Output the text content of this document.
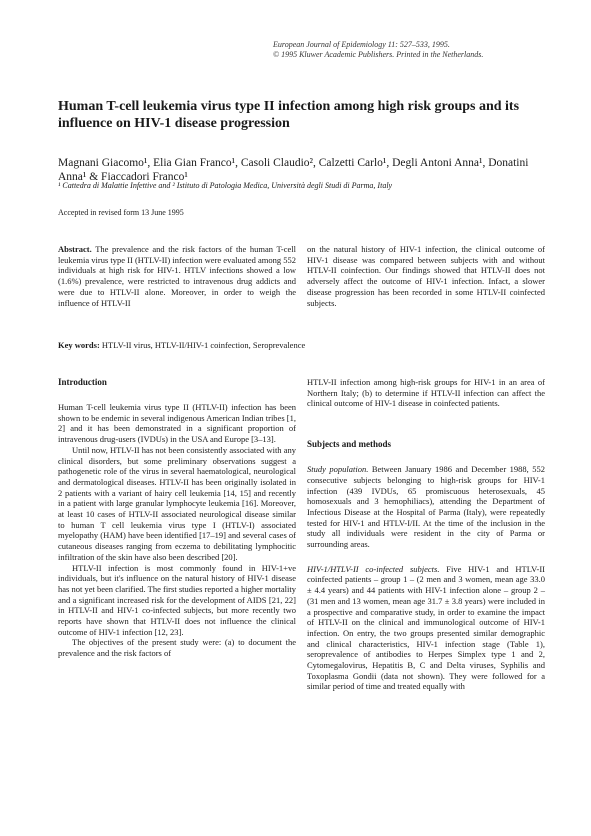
European Journal of Epidemiology 11: 527–533, 1995.
© 1995 Kluwer Academic Publishers. Printed in the Netherlands.
Human T-cell leukemia virus type II infection among high risk groups and its influence on HIV-1 disease progression
Magnani Giacomo¹, Elia Gian Franco¹, Casoli Claudio², Calzetti Carlo¹, Degli Antoni Anna¹, Donatini Anna¹ & Fiaccadori Franco¹
¹ Cattedra di Malattie Infettive and ² Istituto di Patologia Medica, Università degli Studi di Parma, Italy
Accepted in revised form 13 June 1995

Abstract. The prevalence and the risk factors of the human T-cell leukemia virus type II (HTLV-II) infection were evaluated among 552 individuals at high risk for HIV-1. HTLV infections showed a low (1.6%) prevalence, were restricted to intravenous drug addicts and were due to HTLV-II alone. Moreover, in order to weigh the influence of HTLV-II

on the natural history of HIV-1 infection, the clinical outcome of HIV-1 disease was compared between subjects with and without HTLV-II coinfection. Our findings showed that HTLV-II does not adversely affect the outcome of HIV-1 infection. Infact, a slower disease progression has been recorded in some HTLV-II coinfected subjects.

Key words: HTLV-II virus, HTLV-II/HIV-1 coinfection, Seroprevalence
Introduction

Human T-cell leukemia virus type II (HTLV-II) infection has been shown to be endemic in several indigenous American Indian tribes [1, 2] and it has been demonstrated in a significant proportion of intravenous drug-users (IVDUs) in the USA and Europe [3–13].

Until now, HTLV-II has not been consistently associated with any clinical disorders, but some preliminary observations suggest a pathogenetic role of the virus in several haematological, neurological and dermatological diseases. HTLV-II has been originally isolated in 2 patients with a variant of hairy cell leukemia [14, 15] and recently in a patient with large granular lymphocyte leukemia [16]. Moreover, at least 10 cases of HTLV-II associated neurological disease similar to human T cell leukemia virus type I (HTLV-I) associated myelopathy (HAM) have been identified [17–19] and several cases of cutaneous diseases ranging from eczema to debilitating lymphocitic infiltration of the skin have also been described [20].

HTLV-II infection is most commonly found in HIV-1+ve individuals, but it's influence on the natural history of HIV-1 disease has not yet been clarified. The first studies reported a higher mortality and a significant increased risk for the development of AIDS [21, 22] in HTLV-II and HIV-1 co-infected subjects, but more recently two reports have shown that HTLV-II does not influence the clinical outcome of HIV-1 infection [12, 23].

The objectives of the present study were: (a) to document the prevalence and the risk factors of

HTLV-II infection among high-risk groups for HIV-1 in an area of Northern Italy; (b) to determine if HTLV-II infection can affect the clinical outcome of HIV-1 disease in coinfected patients.

Subjects and methods

Study population. Between January 1986 and December 1988, 552 consecutive subjects belonging to high-risk groups for HIV-1 infection (439 IVDUs, 65 promiscuous heterosexuals, 45 homosexuals and 3 hemophiliacs), attending the Department of Infectious Disease at the Hospital of Parma (Italy), were repeatedly tested for HIV-1 and HTLV-I/II. At the time of the inclusion in the study all individuals were resident in the city of Parma or surrounding areas.

HIV-1/HTLV-II co-infected subjects. Five HIV-1 and HTLV-II coinfected patients – group 1 – (2 men and 3 women, mean age 33.0 ± 4.4 years) and 44 patients with HIV-1 infection alone – group 2 – (31 men and 13 women, mean age 31.7 ± 3.8 years) were included in a prospective and comparative study, in order to examine the impact of HTLV-II on the clinical and immunological outcome of HIV-1 infection. On entry, the two groups presented similar demographic and clinical characteristics, HIV-1 infection stage (Table 1), seroprevalence of antibodies to Herpes Simplex type 1 and 2, Cytomegalovirus, Hepatitis B, C and Delta viruses, Syphilis and Toxoplasma Gondii (data not shown). They were followed for a similar period of time and treated equally with
